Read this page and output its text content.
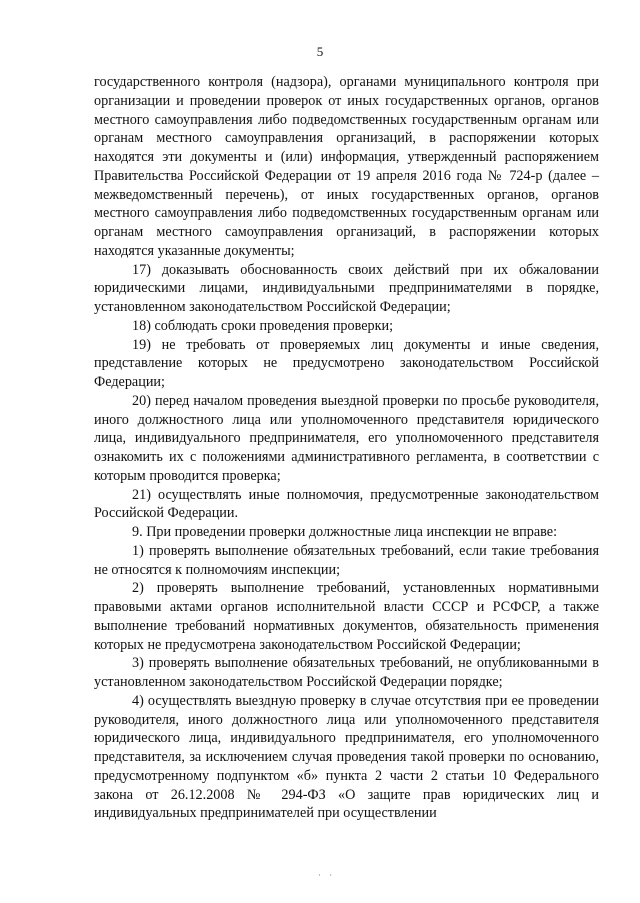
5

государственного контроля (надзора), органами муниципального контроля при организации и проведении проверок от иных государственных органов, органов местного самоуправления либо подведомственных государственным органам или органам местного самоуправления организаций, в распоряжении которых находятся эти документы и (или) информация, утвержденный распоряжением Правительства Российской Федерации от 19 апреля 2016 года № 724-р (далее – межведомственный перечень), от иных государственных органов, органов местного самоуправления либо подведомственных государственным органам или органам местного самоуправления организаций, в распоряжении которых находятся указанные документы;

17) доказывать обоснованность своих действий при их обжаловании юридическими лицами, индивидуальными предпринимателями в порядке, установленном законодательством Российской Федерации;

18) соблюдать сроки проведения проверки;

19) не требовать от проверяемых лиц документы и иные сведения, представление которых не предусмотрено законодательством Российской Федерации;

20) перед началом проведения выездной проверки по просьбе руководителя, иного должностного лица или уполномоченного представителя юридического лица, индивидуального предпринимателя, его уполномоченного представителя ознакомить их с положениями административного регламента, в соответствии с которым проводится проверка;

21) осуществлять иные полномочия, предусмотренные законодательством Российской Федерации.

9. При проведении проверки должностные лица инспекции не вправе:

1) проверять выполнение обязательных требований, если такие требования не относятся к полномочиям инспекции;

2) проверять выполнение требований, установленных нормативными правовыми актами органов исполнительной власти СССР и РСФСР, а также выполнение требований нормативных документов, обязательность применения которых не предусмотрена законодательством Российской Федерации;

3) проверять выполнение обязательных требований, не опубликованными в установленном законодательством Российской Федерации порядке;

4) осуществлять выездную проверку в случае отсутствия при ее проведении руководителя, иного должностного лица или уполномоченного представителя юридического лица, индивидуального предпринимателя, его уполномоченного представителя, за исключением случая проведения такой проверки по основанию, предусмотренному подпунктом «б» пункта 2 части 2 статьи 10 Федерального закона от 26.12.2008 № 294-ФЗ «О защите прав юридических лиц и индивидуальных предпринимателей при осуществлении

· ·
